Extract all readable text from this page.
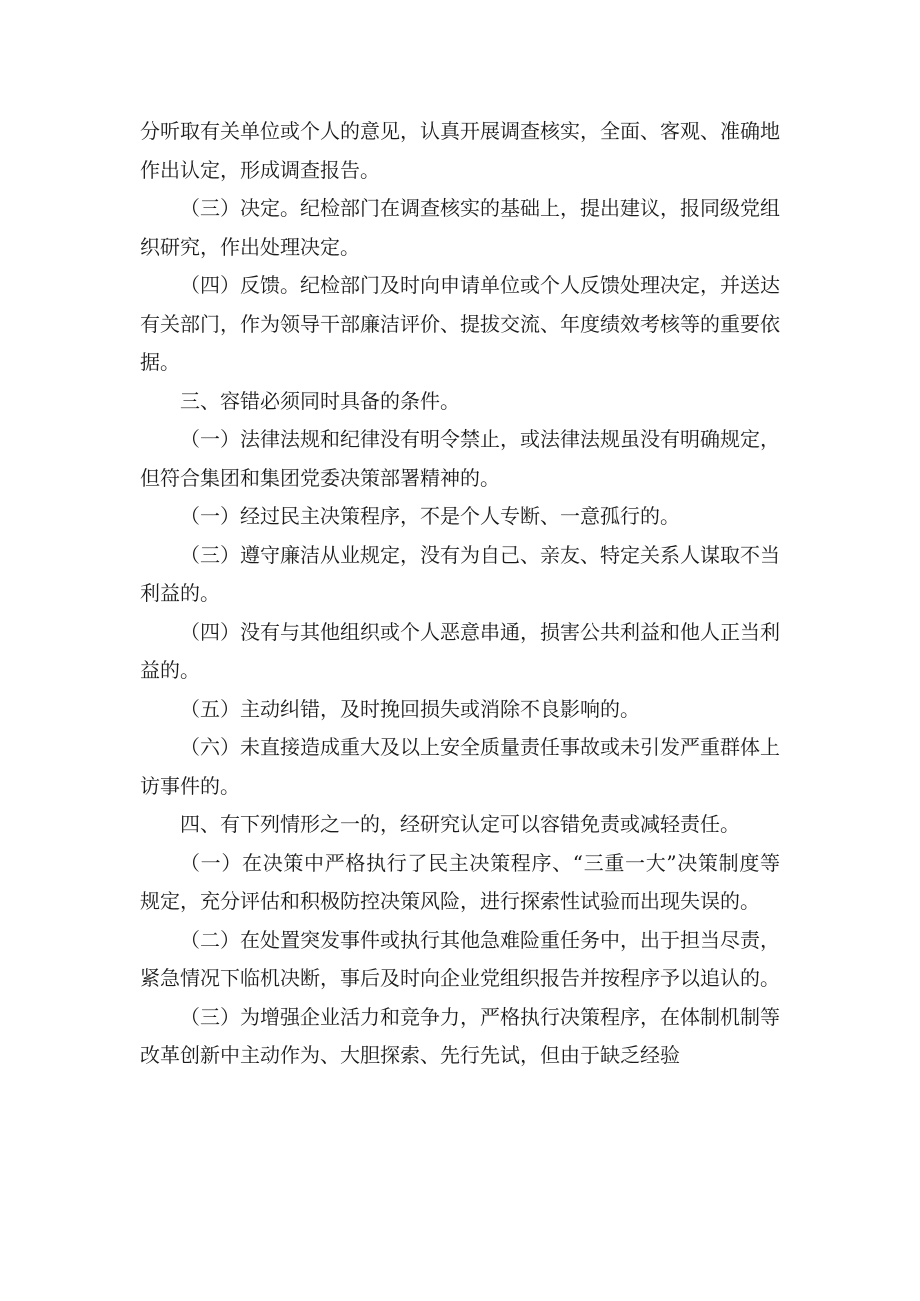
分听取有关单位或个人的意见，认真开展调查核实，全面、客观、准确地作出认定，形成调查报告。

（三）决定。纪检部门在调查核实的基础上，提出建议，报同级党组织研究，作出处理决定。

（四）反馈。纪检部门及时向申请单位或个人反馈处理决定，并送达有关部门，作为领导干部廉洁评价、提拔交流、年度绩效考核等的重要依据。

三、容错必须同时具备的条件。

（一）法律法规和纪律没有明令禁止，或法律法规虽没有明确规定，但符合集团和集团党委决策部署精神的。

（一）经过民主决策程序，不是个人专断、一意孤行的。

（三）遵守廉洁从业规定，没有为自己、亲友、特定关系人谋取不当利益的。

（四）没有与其他组织或个人恶意串通，损害公共利益和他人正当利益的。

（五）主动纠错，及时挽回损失或消除不良影响的。

（六）未直接造成重大及以上安全质量责任事故或未引发严重群体上访事件的。

四、有下列情形之一的，经研究认定可以容错免责或减轻责任。

（一）在决策中严格执行了民主决策程序、“三重一大”决策制度等规定，充分评估和积极防控决策风险，进行探索性试验而出现失误的。

（二）在处置突发事件或执行其他急难险重任务中，出于担当尽责，紧急情况下临机决断，事后及时向企业党组织报告并按程序予以追认的。

（三）为增强企业活力和竞争力，严格执行决策程序，在体制机制等改革创新中主动作为、大胆探索、先行先试，但由于缺乏经验
